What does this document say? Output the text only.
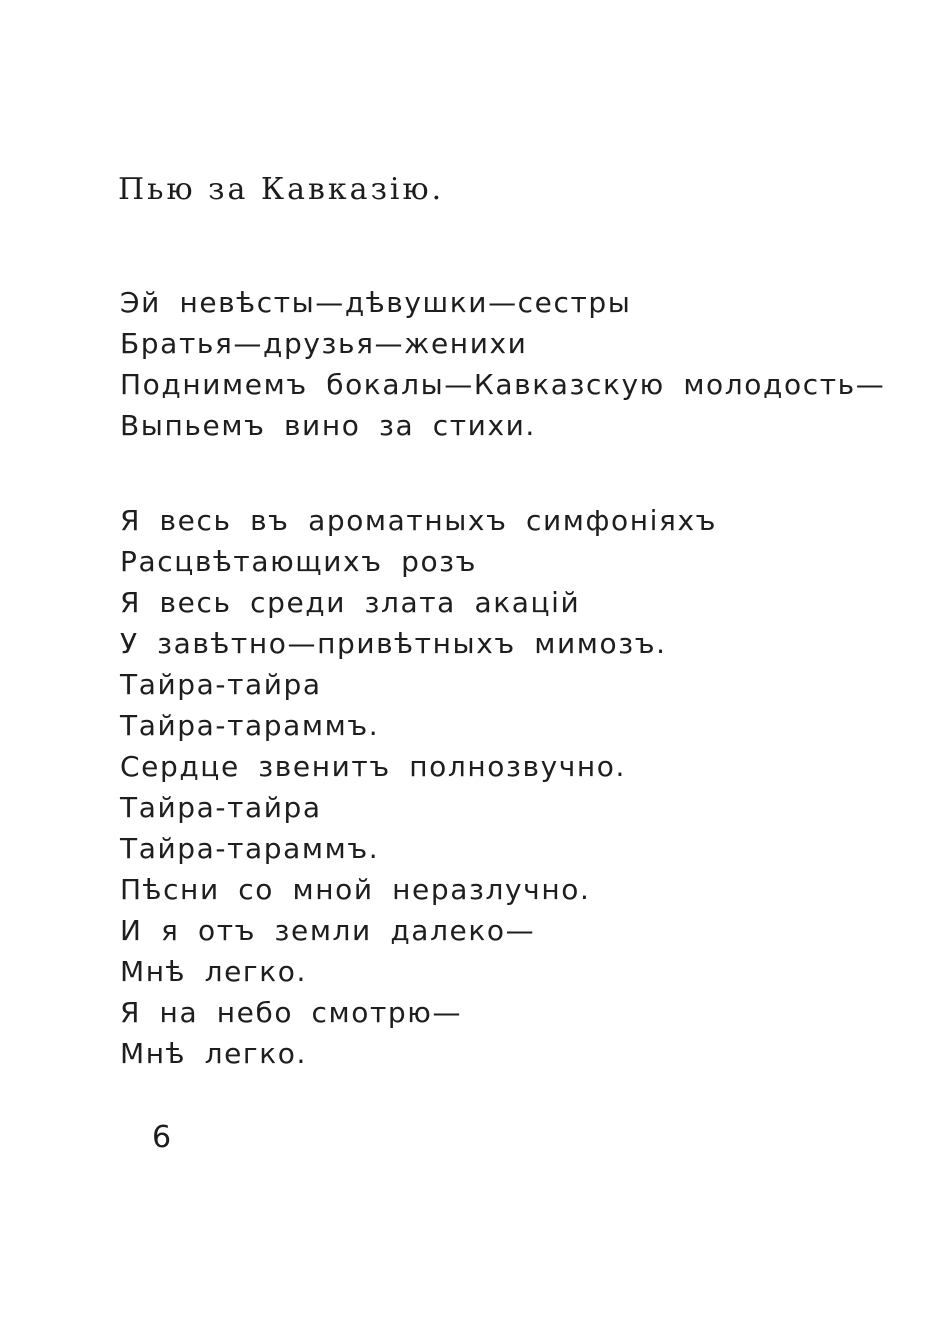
Пью за Кавказію.
Эй невѣсты—дѣвушки—сестры
Братья—друзья—женихи
Поднимемъ бокалы—Кавказскую молодость—
Выпьемъ вино за стихи.
Я весь въ ароматныхъ симфоніяхъ
Расцвѣтающихъ розъ
Я весь среди злата акацій
У завѣтно—привѣтныхъ мимозъ.
Тайра-тайра
Тайра-тараммъ.
Сердце звенитъ полнозвучно.
Тайра-тайра
Тайра-тараммъ.
Пѣсни со мной неразлучно.
И я отъ земли далеко—
Мнѣ легко.
Я на небо смотрю—
Мнѣ легко.
6
